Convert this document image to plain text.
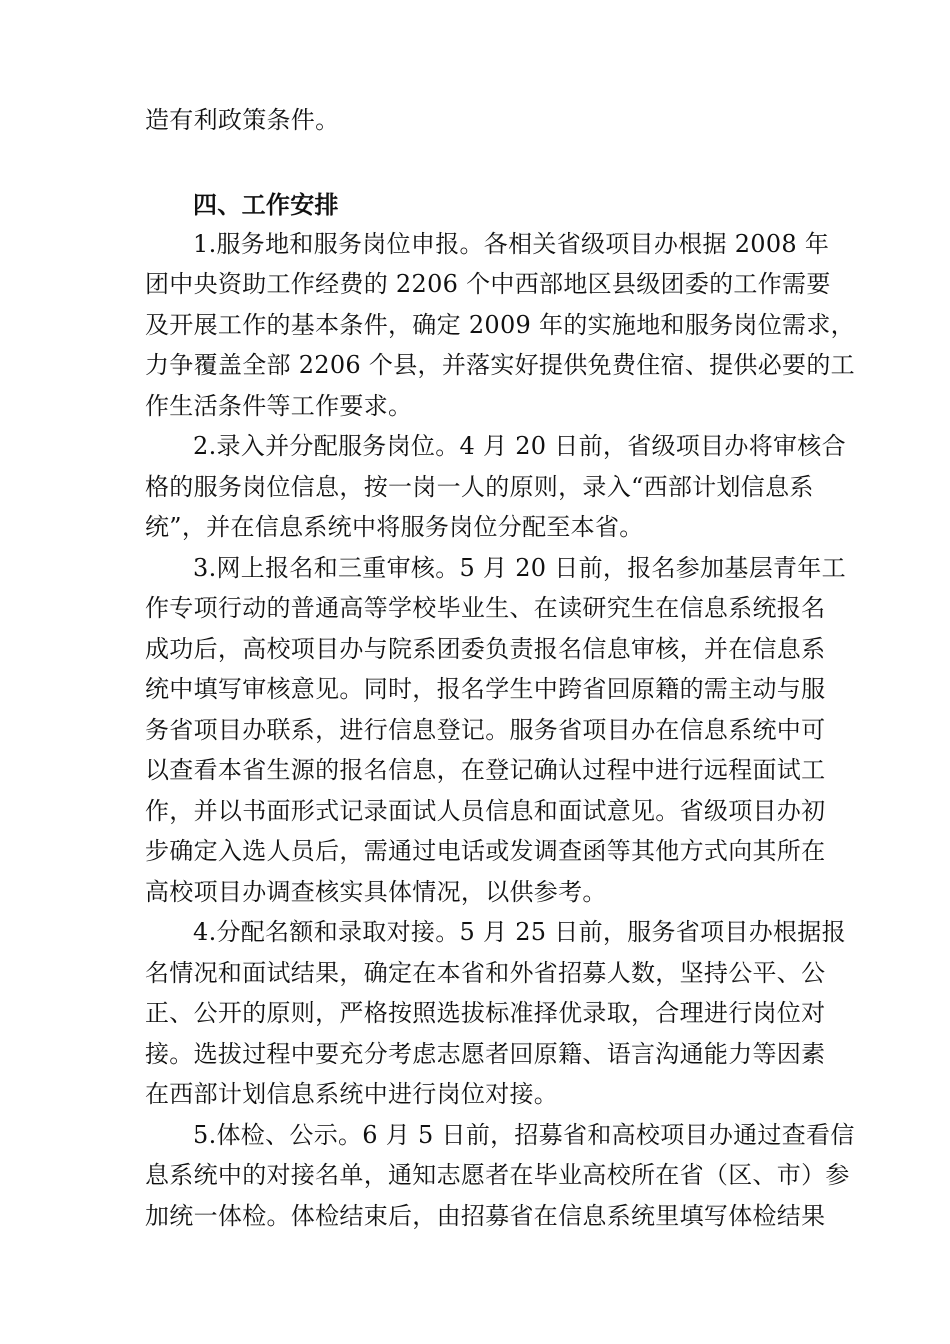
造有利政策条件。
四、工作安排
1.服务地和服务岗位申报。各相关省级项目办根据 2008 年
团中央资助工作经费的 2206 个中西部地区县级团委的工作需要
及开展工作的基本条件，确定 2009 年的实施地和服务岗位需求，
力争覆盖全部 2206 个县，并落实好提供免费住宿、提供必要的工
作生活条件等工作要求。
2.录入并分配服务岗位。4 月 20 日前，省级项目办将审核合
格的服务岗位信息，按一岗一人的原则，录入“西部计划信息系
统”，并在信息系统中将服务岗位分配至本省。
3.网上报名和三重审核。5 月 20 日前，报名参加基层青年工
作专项行动的普通高等学校毕业生、在读研究生在信息系统报名
成功后，高校项目办与院系团委负责报名信息审核，并在信息系
统中填写审核意见。同时，报名学生中跨省回原籍的需主动与服
务省项目办联系，进行信息登记。服务省项目办在信息系统中可
以查看本省生源的报名信息，在登记确认过程中进行远程面试工
作，并以书面形式记录面试人员信息和面试意见。省级项目办初
步确定入选人员后，需通过电话或发调查函等其他方式向其所在
高校项目办调查核实具体情况，以供参考。
4.分配名额和录取对接。5 月 25 日前，服务省项目办根据报
名情况和面试结果，确定在本省和外省招募人数，坚持公平、公
正、公开的原则，严格按照选拔标准择优录取，合理进行岗位对
接。选拔过程中要充分考虑志愿者回原籍、语言沟通能力等因素
在西部计划信息系统中进行岗位对接。
5.体检、公示。6 月 5 日前，招募省和高校项目办通过查看信
息系统中的对接名单，通知志愿者在毕业高校所在省（区、市）参
加统一体检。体检结束后，由招募省在信息系统里填写体检结果
